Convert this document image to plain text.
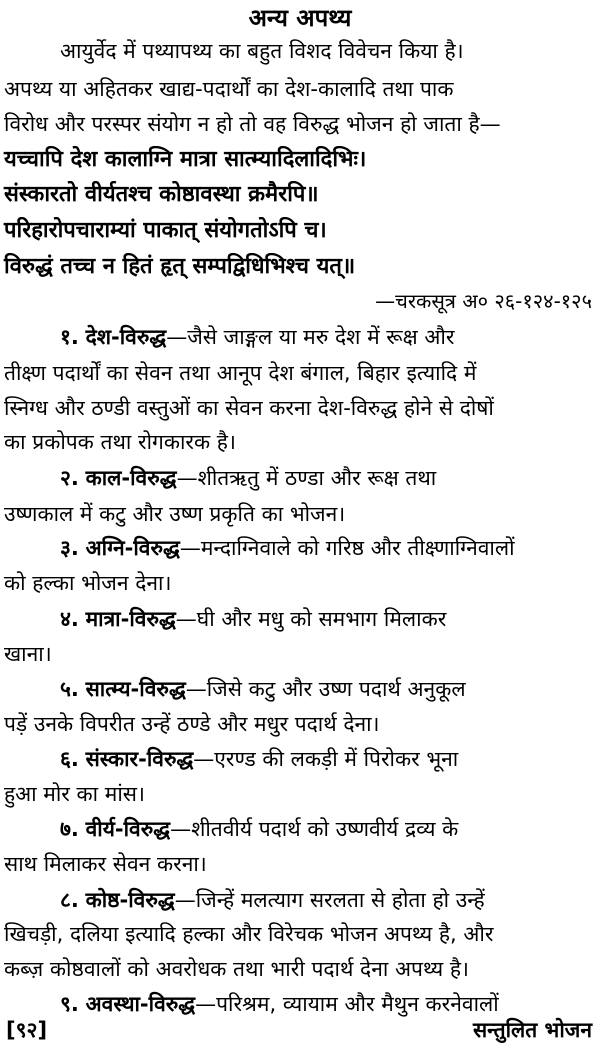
अन्य अपथ्य
आयुर्वेद में पथ्यापथ्य का बहुत विशद विवेचन किया है।
अपथ्य या अहितकर खाद्य-पदार्थों का देश-कालादि तथा पाक
विरोध और परस्पर संयोग न हो तो वह विरुद्ध भोजन हो जाता है—
यच्चापि देश कालाग्नि मात्रा सात्म्यादिलादिभिः।
संस्कारतो वीर्यतश्च कोष्ठावस्था क्रमैरपि॥
परिहारोपचाराम्यां पाकात् संयोगतोऽपि च।
विरुद्धं तच्च न हितं हृत् सम्पद्विधिभिश्च यत्॥
—चरकसूत्र अ० २६-१२४-१२५
१. देश-विरुद्ध—जैसे जाङ्गल या मरु देश में रूक्ष और
तीक्ष्ण पदार्थों का सेवन तथा आनूप देश बंगाल, बिहार इत्यादि में
स्निग्ध और ठण्डी वस्तुओं का सेवन करना देश-विरुद्ध होने से दोषों
का प्रकोपक तथा रोगकारक है।
२. काल-विरुद्ध—शीतऋतु में ठण्डा और रूक्ष तथा
उष्णकाल में कटु और उष्ण प्रकृति का भोजन।
३. अग्नि-विरुद्ध—मन्दाग्निवाले को गरिष्ठ और तीक्ष्णाग्निवालों
को हल्का भोजन देना।
४. मात्रा-विरुद्ध—घी और मधु को समभाग मिलाकर
खाना।
५. सात्म्य-विरुद्ध—जिसे कटु और उष्ण पदार्थ अनुकूल
पड़ें उनके विपरीत उन्हें ठण्डे और मधुर पदार्थ देना।
६. संस्कार-विरुद्ध—एरण्ड की लकड़ी में पिरोकर भूना
हुआ मोर का मांस।
७. वीर्य-विरुद्ध—शीतवीर्य पदार्थ को उष्णवीर्य द्रव्य के
साथ मिलाकर सेवन करना।
८. कोष्ठ-विरुद्ध—जिन्हें मलत्याग सरलता से होता हो उन्हें
खिचड़ी, दलिया इत्यादि हल्का और विरेचक भोजन अपथ्य है, और
कब्ज़ कोष्ठवालों को अवरोधक तथा भारी पदार्थ देना अपथ्य है।
९. अवस्था-विरुद्ध—परिश्रम, व्यायाम और मैथुन करनेवालों
[९२]	सन्तुलित भोजन
